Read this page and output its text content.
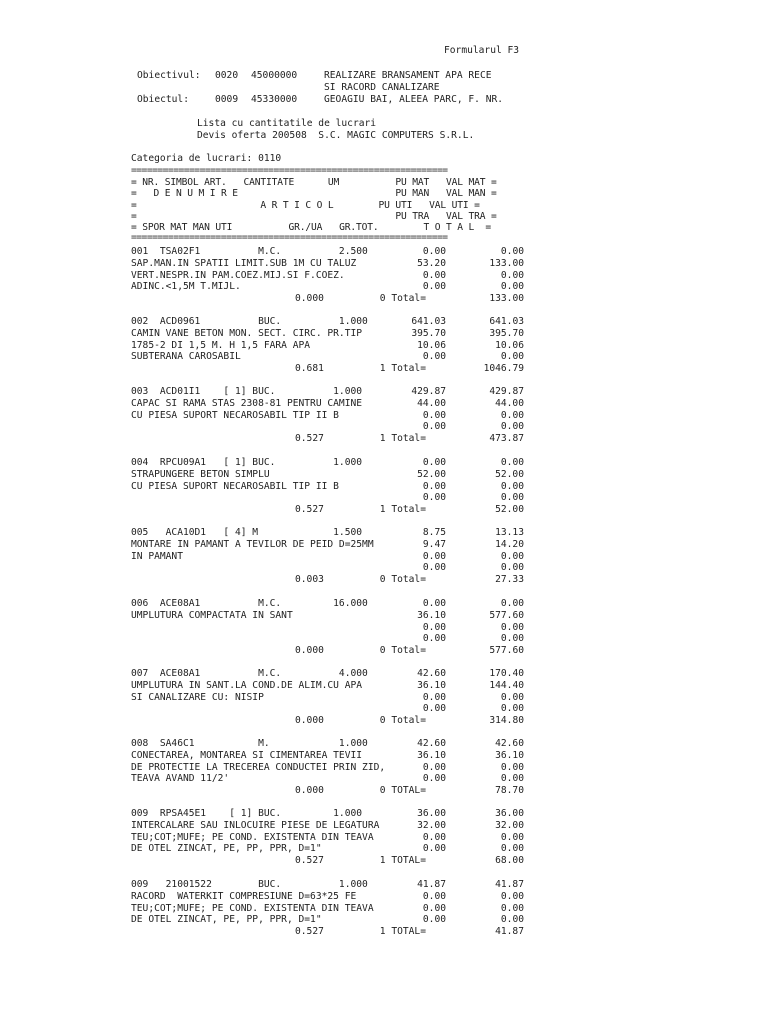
Formularul F3
Obiectivul: 0020 45000000	REALIZARE BRANSAMENT APA RECE
SI RACORD CANALIZARE
Obiectul:	0009 45330000	GEOAGIU BAI, ALEEA PARC, F. NR.
Lista cu cantitatile de lucrari
Devis oferta 200508  S.C. MAGIC COMPUTERS S.R.L.
Categoria de lucrari: 0110
============================================================
= NR. SIMBOL ART.   CANTITATE      UM          PU MAT   VAL MAT =
=   D E N U M I R E                            PU MAN   VAL MAN =
=                      A R T I C O L        PU UTI   VAL UTI =
=                                              PU TRA   VAL TRA =
= SPOR MAT MAN UTI          GR./UA   GR.TOT.        T O T A L  =
============================================================
001  TSA02F1          M.C.          2.500	0.00	0.00
SAP.MAN.IN SPATII LIMIT.SUB 1M CU TALUZ	53.20	133.00
VERT.NESPR.IN PAM.COEZ.MIJ.SI F.COEZ.	0.00	0.00
ADINC.<1,5M T.MIJL.	0.00	0.00
0.000	0 Total=	133.00
002  ACD0961          BUC.          1.000	641.03	641.03
CAMIN VANE BETON MON. SECT. CIRC. PR.TIP	395.70	395.70
1785-2 DI 1,5 M. H 1,5 FARA APA	10.06	10.06
SUBTERANA CAROSABIL	0.00	0.00
0.681	1 Total=	1046.79
003  ACD01I1    [ 1] BUC.          1.000	429.87	429.87
CAPAC SI RAMA STAS 2308-81 PENTRU CAMINE	44.00	44.00
CU PIESA SUPORT NECAROSABIL TIP II B	0.00	0.00
0.00	0.00
0.527	1 Total=	473.87
004  RPCU09A1   [ 1] BUC.          1.000	0.00	0.00
STRAPUNGERE BETON SIMPLU	52.00	52.00
CU PIESA SUPORT NECAROSABIL TIP II B	0.00	0.00
0.00	0.00
0.527	1 Total=	52.00
005   ACA10D1   [ 4] M             1.500	8.75	13.13
MONTARE IN PAMANT A TEVILOR DE PEID D=25MM	9.47	14.20
IN PAMANT	0.00	0.00
0.00	0.00
0.003	0 Total=	27.33
006  ACE08A1          M.C.         16.000	0.00	0.00
UMPLUTURA COMPACTATA IN SANT	36.10	577.60
0.00	0.00
0.00	0.00
0.000	0 Total=	577.60
007  ACE08A1          M.C.          4.000	42.60	170.40
UMPLUTURA IN SANT.LA COND.DE ALIM.CU APA	36.10	144.40
SI CANALIZARE CU: NISIP	0.00	0.00
0.00	0.00
0.000	0 Total=	314.80
008  SA46C1           M.            1.000	42.60	42.60
CONECTAREA, MONTAREA SI CIMENTAREA TEVII	36.10	36.10
DE PROTECTIE LA TRECEREA CONDUCTEI PRIN ZID,	0.00	0.00
TEAVA AVAND 11/2'	0.00	0.00
0.000	0 TOTAL=	78.70
009  RPSA45E1    [ 1] BUC.         1.000	36.00	36.00
INTERCALARE SAU INLOCUIRE PIESE DE LEGATURA	32.00	32.00
TEU;COT;MUFE; PE COND. EXISTENTA DIN TEAVA	0.00	0.00
DE OTEL ZINCAT, PE, PP, PPR, D=1"	0.00	0.00
0.527	1 TOTAL=	68.00
009   21001522        BUC.          1.000	41.87	41.87
RACORD  WATERKIT COMPRESIUNE D=63*25 FE	0.00	0.00
TEU;COT;MUFE; PE COND. EXISTENTA DIN TEAVA	0.00	0.00
DE OTEL ZINCAT, PE, PP, PPR, D=1"	0.00	0.00
0.527	1 TOTAL=	41.87
